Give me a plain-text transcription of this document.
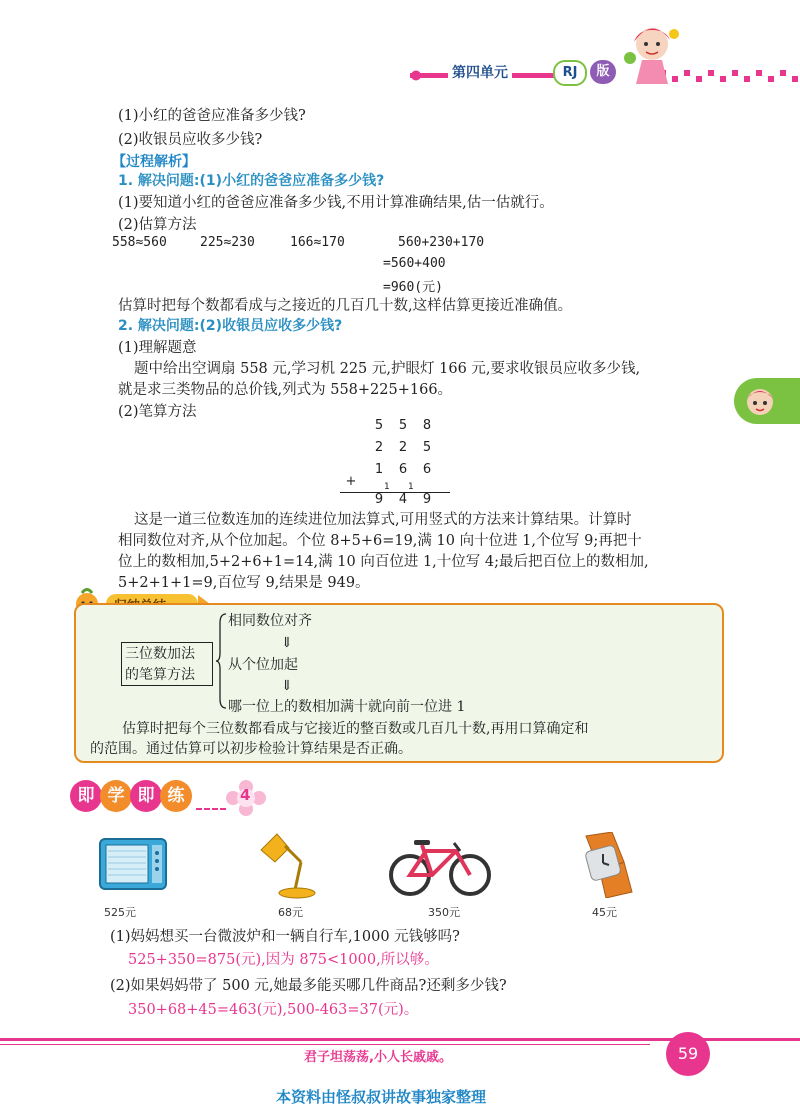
第四单元	RJ	版
(1)小红的爸爸应准备多少钱?
(2)收银员应收多少钱?
【过程解析】
1. 解决问题:(1)小红的爸爸应准备多少钱?
(1)要知道小红的爸爸应准备多少钱,不用计算准确结果,估一估就行。
(2)估算方法
558≈560	225≈230	166≈170	560+230+170
=560+400
=960(元)
估算时把每个数都看成与之接近的几百几十数,这样估算更接近准确值。
2. 解决问题:(2)收银员应收多少钱?
(1)理解题意
题中给出空调扇 558 元,学习机 225 元,护眼灯 166 元,要求收银员应收多少钱,
就是求三类物品的总价钱,列式为 558+225+166。
(2)笔算方法
5 5 8
2 2 5
1 6 6
+	1 1
9 4 9
这是一道三位数连加的连续进位加法算式,可用竖式的方法来计算结果。计算时
相同数位对齐,从个位加起。个位 8+5+6=19,满 10 向十位进 1,个位写 9;再把十
位上的数相加,5+2+6+1=14,满 10 向百位进 1,十位写 4;最后把百位上的数相加,
5+2+1+1=9,百位写 9,结果是 949。
三位数加法
的笔算方法
相同数位对齐
⇓
从个位加起
⇓
哪一位上的数相加满十就向前一位进 1
估算时把每个三位数都看成与它接近的整百数或几百几十数,再用口算确定和
的范围。通过估算可以初步检验计算结果是否正确。
即 学 即 练	4
525元	68元	350元	45元
(1)妈妈想买一台微波炉和一辆自行车,1000 元钱够吗?
525+350=875(元),因为 875<1000,所以够。
(2)如果妈妈带了 500 元,她最多能买哪几件商品?还剩多少钱?
350+68+45=463(元),500-463=37(元)。
君子坦荡荡,小人长戚戚。	59
本资料由怪叔叔讲故事独家整理
